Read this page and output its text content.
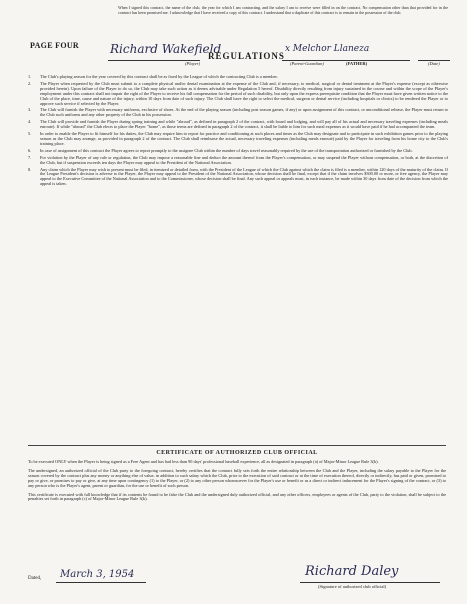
When I signed this contract, the name of the club, the year for which I am contracting, and the salary I am to receive were filled in on the contract. No compensation other than that provided for in the contract has been promised me. I acknowledge that I have received a copy of this contract. I understand that a duplicate of this contract is to remain in the possession of the club.
PAGE FOUR	Richard Wakefield	x Melchor Llaneza
REGULATIONS
(Player)	(Parent-Guardian)	(FATHER)	(Date)
1. The Club's playing season for the year covered by this contract shall be as fixed by the League of which the contracting Club is a member.
2. The Player when requested by the Club must submit to a complete physical and/or dental examination at the expense of the Club and, if necessary, to medical, surgical or dental treatment at the Player's expense (except as otherwise provided herein). Upon failure of the Player to do so, the Club may take such action as it deems advisable under Regulation 5 hereof. Disability directly resulting from injury sustained in the course and within the scope of the Player's employment under this contract shall not impair the right of the Player to receive his full compensation for the period of such disability, but only upon the express prerequisite condition that the Player must have given written notice to the Club of the place, time, cause and nature of the injury, within 10 days from date of such injury. The Club shall have the right to select the medical, surgeon or dental service (including hospitals or clinics) to be rendered the Player or to approve such service if selected by the Player.
3. The Club will furnish the Player with necessary uniforms, exclusive of shoes. At the end of the playing season (including post season games, if any) or upon assignment of this contract, or unconditional release, the Player must return to the Club such uniforms and any other property of the Club in his possession.
4. The Club will provide and furnish the Player during spring training and while "abroad", as defined in paragraph 2 of the contract, with board and lodging, and will pay all of his actual and necessary traveling expenses (including meals enroute). If while "abroad" the Club elects to place the Player "home", as those terms are defined in paragraph 2 of the contract, it shall be liable to him for such meal expenses as it would have paid if he had accompanied the team.
5. In order to enable the Player to fit himself for his duties, the Club may require him to report for practice and conditioning at such places and times as the Club may designate and to participate in such exhibition games prior to the playing season as the Club may arrange, as provided in paragraph 2 of the contract. The Club shall reimburse the actual, necessary traveling expenses (including meals enroute) paid by the Player for traveling from his home city to the Club's training place.
6. In case of assignment of this contract the Player agrees to report promptly to the assignee Club within the number of days travel reasonably required by the use of the transportation authorized or furnished by the Club.
7. For violation by the Player of any rule or regulation, the Club may impose a reasonable fine and deduct the amount thereof from the Player's compensation, or may suspend the Player without compensation, or both, at the discretion of the Club, but if suspension exceeds ten days the Player may appeal to the President of the National Association.
8. Any claim which the Player may wish to present must be filed, in itemized or detailed form, with the President of the League of which the Club against which the claim is filed is a member, within 120 days of the maturity of the claim. If the League President's decision is adverse to the Player, the Player may appeal to the President of the National Association, whose decision shall be final, except that if the claim involves $300.00 or more, or free agency, the Player may appeal to the Executive Committee of the National Association and to the Commissioner, whose decision shall be final. Any such appeal or appeals must, in each instance, be made within 30 days from date of the decision from which the appeal is taken.
CERTIFICATE OF AUTHORIZED CLUB OFFICIAL

To be executed ONLY when the Player is being signed as a Free Agent and has had less than 90 days' professional baseball experience, all as designated in paragraph (a) of Major-Minor League Rule 3(k).

The undersigned, an authorized official of the Club party to the foregoing contract, hereby certifies that the contract fully sets forth the entire relationship between the Club and the Player, including the salary payable to the Player for the season covered by the contract plus any money or anything else of value, in addition to such salary which the Club, prior to the execution of said contract or at the time of execution thereof, directly or indirectly, has paid or given, promised to pay or give, or promises to pay or give, at any time upon contingency (1) to the Player, or (2) to any other person whomsoever for the Player's use or benefit or as a direct or indirect inducement for the Player's signing of the contract, or (3) to any person who is the Player's agent, parent or guardian, for the use or benefit of such person.

This certificate is executed with full knowledge that if its contents be found to be false the Club and the undersigned duly authorized official, and any other officers, employees or agents of the Club, party to the violation, shall be subject to the penalties set forth in paragraph (c) of Major-Minor League Rule 3(k).

Dated, March 3, 1954	Richard Daley
(Signature of authorized club official)
